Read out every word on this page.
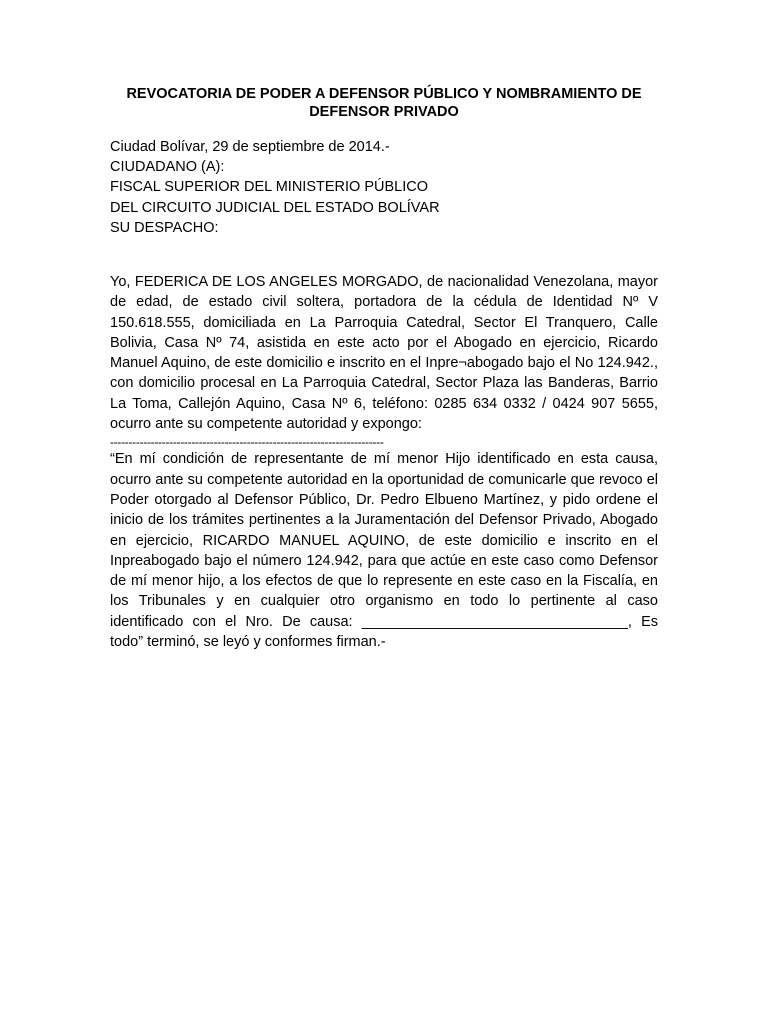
REVOCATORIA DE PODER A DEFENSOR PÚBLICO Y NOMBRAMIENTO DE DEFENSOR PRIVADO
Ciudad Bolívar, 29 de septiembre de 2014.-
CIUDADANO (A):
FISCAL SUPERIOR DEL MINISTERIO PÚBLICO
DEL CIRCUITO JUDICIAL DEL ESTADO BOLÍVAR
SU DESPACHO:

Yo, FEDERICA DE LOS ANGELES MORGADO, de nacionalidad Venezolana, mayor de edad, de estado civil soltera, portadora de la cédula de Identidad Nº V 150.618.555, domiciliada en La Parroquia Catedral, Sector El Tranquero, Calle Bolivia, Casa Nº 74, asistida en este acto por el Abogado en ejercicio, Ricardo Manuel Aquino, de este domicilio e inscrito en el Inpre¬abogado bajo el No 124.942., con domicilio procesal en La Parroquia Catedral, Sector Plaza las Banderas, Barrio La Toma, Callejón Aquino, Casa Nº 6, teléfono: 0285 634 0332 / 0424 907 5655, ocurro ante su competente autoridad y expongo:

--------------------------------------------------------------------------

“En mí condición de representante de mí menor Hijo identificado en esta causa, ocurro ante su competente autoridad en la oportunidad de comunicarle que revoco el Poder otorgado al Defensor Público, Dr. Pedro Elbueno Martínez, y pido ordene el inicio de los trámites pertinentes a la Juramentación del Defensor Privado, Abogado en ejercicio, RICARDO MANUEL AQUINO, de este domicilio e inscrito en el Inpreabogado bajo el número 124.942, para que actúe en este caso como Defensor de mí menor hijo, a los efectos de que lo represente en este caso en la Fiscalía, en los Tribunales y en cualquier otro organismo en todo lo pertinente al caso identificado con el Nro. De causa: _________________________________, Es todo” terminó, se leyó y conformes firman.-
